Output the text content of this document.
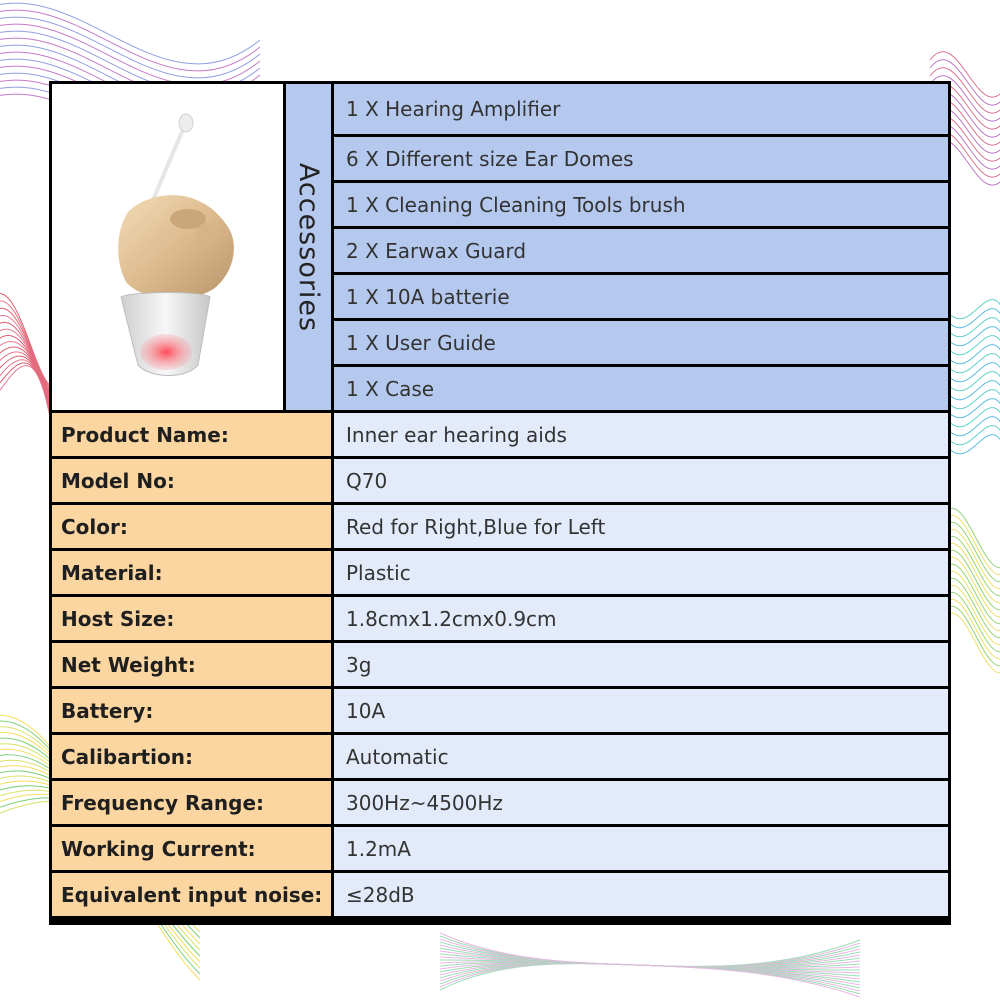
Accessories
1 X Hearing Amplifier
6 X Different size Ear Domes
1 X Cleaning Cleaning Tools brush
2 X Earwax Guard
1 X 10A batterie
1 X User Guide
1 X Case
Product Name:	Inner ear hearing aids
Model No:	Q70
Color:	Red for Right,Blue for Left
Material:	Plastic
Host Size:	1.8cmx1.2cmx0.9cm
Net Weight:	3g
Battery:	10A
Calibartion:	Automatic
Frequency Range:	300Hz~4500Hz
Working Current:	1.2mA
Equivalent input noise:	≤28dB
